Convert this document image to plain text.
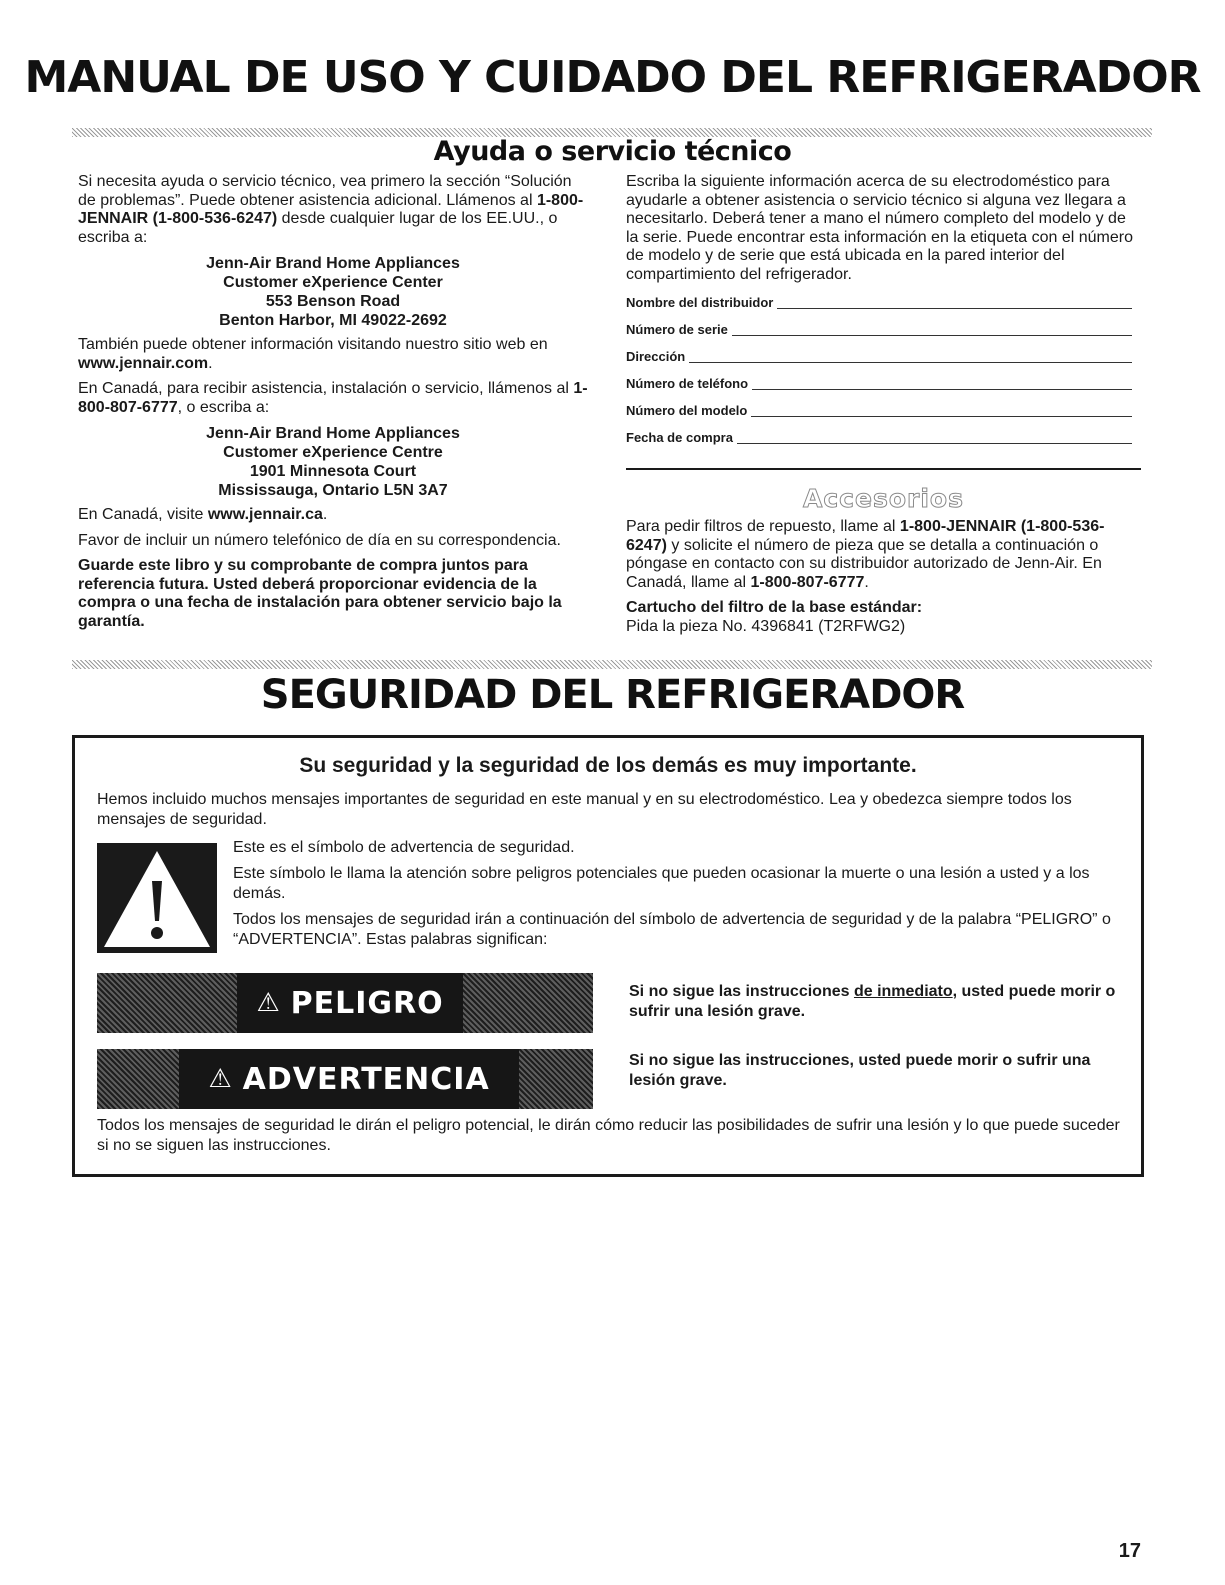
MANUAL DE USO Y CUIDADO DEL REFRIGERADOR
Ayuda o servicio técnico

Si necesita ayuda o servicio técnico, vea primero la sección “Solución de problemas”. Puede obtener asistencia adicional. Llámenos al 1-800-JENNAIR (1-800-536-6247) desde cualquier lugar de los EE.UU., o escriba a:

Jenn-Air Brand Home Appliances
Customer eXperience Center
553 Benson Road
Benton Harbor, MI 49022-2692

También puede obtener información visitando nuestro sitio web en www.jennair.com.

En Canadá, para recibir asistencia, instalación o servicio, llámenos al 1-800-807-6777, o escriba a:

Jenn-Air Brand Home Appliances
Customer eXperience Centre
1901 Minnesota Court
Mississauga, Ontario L5N 3A7

En Canadá, visite www.jennair.ca.

Favor de incluir un número telefónico de día en su correspondencia.

Guarde este libro y su comprobante de compra juntos para referencia futura. Usted deberá proporcionar evidencia de la compra o una fecha de instalación para obtener servicio bajo la garantía.

Escriba la siguiente información acerca de su electrodoméstico para ayudarle a obtener asistencia o servicio técnico si alguna vez llegara a necesitarlo. Deberá tener a mano el número completo del modelo y de la serie. Puede encontrar esta información en la etiqueta con el número de modelo y de serie que está ubicada en la pared interior del compartimiento del refrigerador.

Nombre del distribuidor
Número de serie
Dirección
Número de teléfono
Número del modelo
Fecha de compra
Accesorios

Para pedir filtros de repuesto, llame al 1-800-JENNAIR (1-800-536-6247) y solicite el número de pieza que se detalla a continuación o póngase en contacto con su distribuidor autorizado de Jenn-Air. En Canadá, llame al 1-800-807-6777.

Cartucho del filtro de la base estándar:

Pida la pieza No. 4396841 (T2RFWG2)

SEGURIDAD DEL REFRIGERADOR
Su seguridad y la seguridad de los demás es muy importante.
Hemos incluido muchos mensajes importantes de seguridad en este manual y en su electrodoméstico. Lea y obedezca siempre todos los mensajes de seguridad.
Este es el símbolo de advertencia de seguridad.
Este símbolo le llama la atención sobre peligros potenciales que pueden ocasionar la muerte o una lesión a usted y a los demás.
Todos los mensajes de seguridad irán a continuación del símbolo de advertencia de seguridad y de la palabra “PELIGRO” o “ADVERTENCIA”. Estas palabras significan:
⚠ PELIGRO	Si no sigue las instrucciones de inmediato, usted puede morir o sufrir una lesión grave.
⚠ ADVERTENCIA
Si no sigue las instrucciones, usted puede morir o sufrir una lesión grave.
Todos los mensajes de seguridad le dirán el peligro potencial, le dirán cómo reducir las posibilidades de sufrir una lesión y lo que puede suceder si no se siguen las instrucciones.
17
